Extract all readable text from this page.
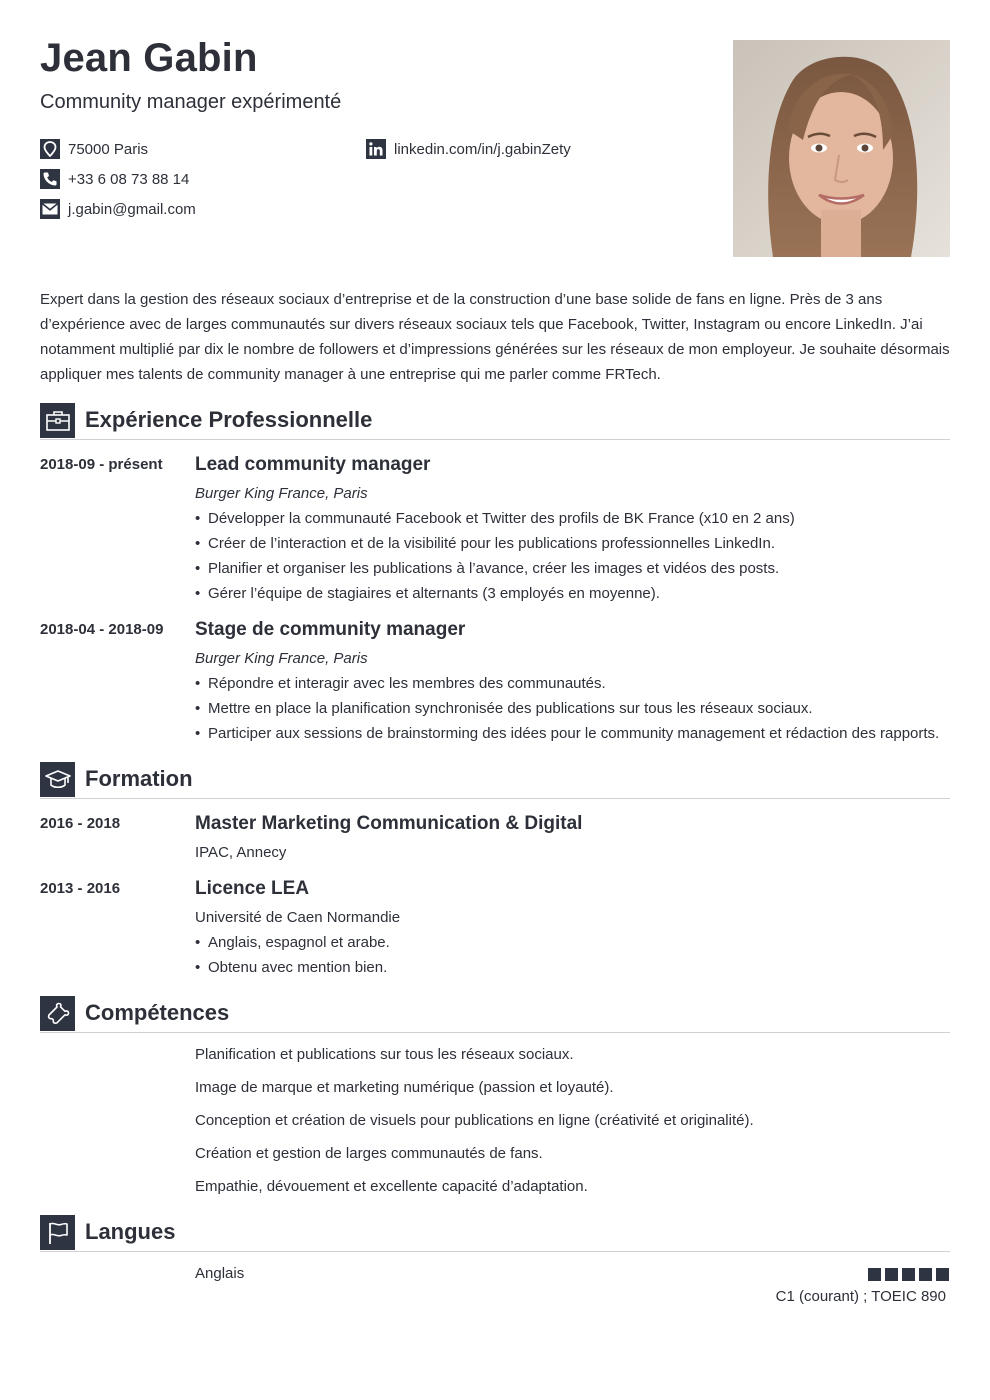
Jean Gabin
Community manager expérimenté
75000 Paris
+33 6 08 73 88 14
j.gabin@gmail.com
linkedin.com/in/j.gabinZety
Expert dans la gestion des réseaux sociaux d’entreprise et de la construction d’une base solide de fans en ligne. Près de 3 ans d’expérience avec de larges communautés sur divers réseaux sociaux tels que Facebook, Twitter, Instagram ou encore LinkedIn. J’ai notamment multiplié par dix le nombre de followers et d’impressions générées sur les réseaux de mon employeur. Je souhaite désormais appliquer mes talents de community manager à une entreprise qui me parler comme FRTech.
Expérience Professionnelle
2018-09 - présent Lead community manager
Burger King France, Paris
• Développer la communauté Facebook et Twitter des profils de BK France (x10 en 2 ans)
• Créer de l’interaction et de la visibilité pour les publications professionnelles LinkedIn.
• Planifier et organiser les publications à l’avance, créer les images et vidéos des posts.
• Gérer l’équipe de stagiaires et alternants (3 employés en moyenne).
2018-04 - 2018-09 Stage de community manager
Burger King France, Paris
• Répondre et interagir avec les membres des communautés.
• Mettre en place la planification synchronisée des publications sur tous les réseaux sociaux.
• Participer aux sessions de brainstorming des idées pour le community management et rédaction des rapports.
Formation
2016 - 2018	Master Marketing Communication & Digital
IPAC, Annecy
2013 - 2016	Licence LEA
Université de Caen Normandie
• Anglais, espagnol et arabe.
• Obtenu avec mention bien.
Compétences
Planification et publications sur tous les réseaux sociaux.
Image de marque et marketing numérique (passion et loyauté).
Conception et création de visuels pour publications en ligne (créativité et originalité).
Création et gestion de larges communautés de fans.
Empathie, dévouement et excellente capacité d’adaptation.
Langues
Anglais
C1 (courant) ; TOEIC 890
